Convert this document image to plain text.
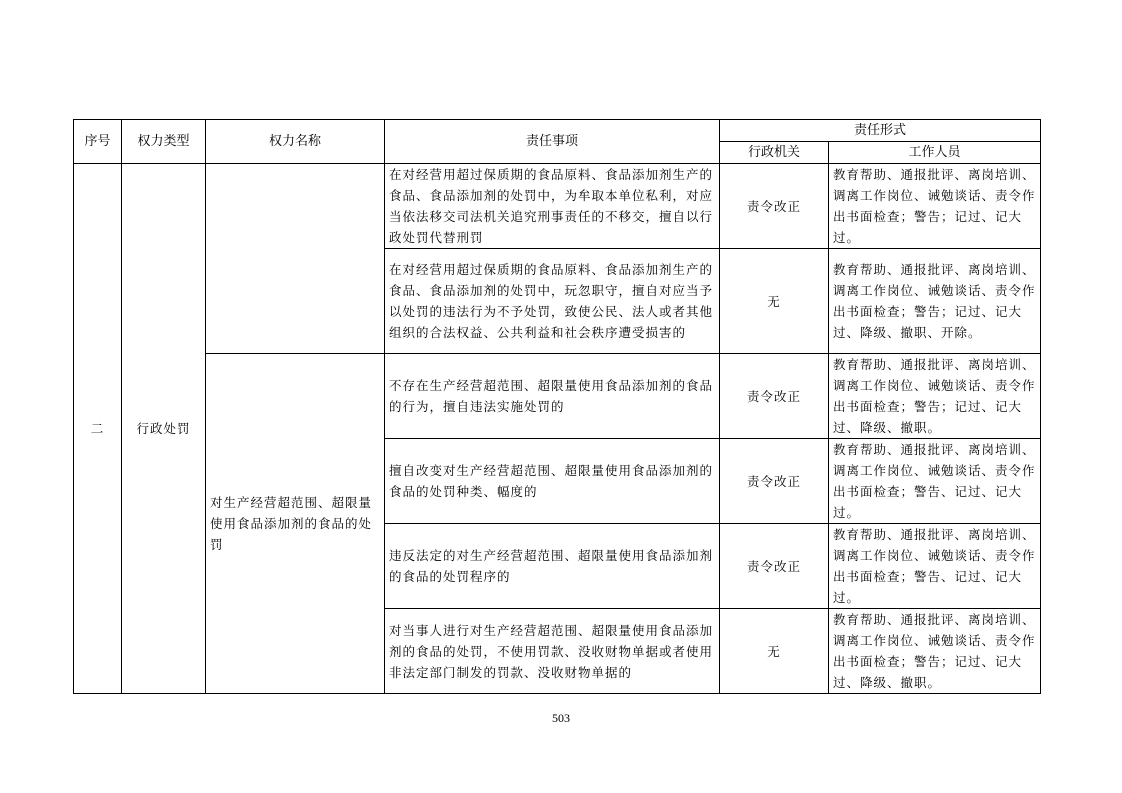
序号	权力类型	权力名称	责任事项	责任形式	
				行政机关	工作人员
二	行政处罚		在对经营用超过保质期的食品原料、食品添加剂生产的食品、食品添加剂的处罚中，为牟取本单位私利，对应当依法移交司法机关追究刑事责任的不移交，擅自以行政处罚代替刑罚	责令改正	教育帮助、通报批评、离岗培训、调离工作岗位、诫勉谈话、责令作出书面检查；警告；记过、记大过。
			在对经营用超过保质期的食品原料、食品添加剂生产的食品、食品添加剂的处罚中，玩忽职守，擅自对应当予以处罚的违法行为不予处罚，致使公民、法人或者其他组织的合法权益、公共利益和社会秩序遭受损害的	无	教育帮助、通报批评、离岗培训、调离工作岗位、诫勉谈话、责令作出书面检查；警告；记过、记大过、降级、撤职、开除。
		对生产经营超范围、超限量使用食品添加剂的食品的处罚	不存在生产经营超范围、超限量使用食品添加剂的食品的行为，擅自违法实施处罚的	责令改正	教育帮助、通报批评、离岗培训、调离工作岗位、诫勉谈话、责令作出书面检查；警告；记过、记大过、降级、撤职。
			擅自改变对生产经营超范围、超限量使用食品添加剂的食品的处罚种类、幅度的	责令改正	教育帮助、通报批评、离岗培训、调离工作岗位、诫勉谈话、责令作出书面检查；警告、记过、记大过。
			违反法定的对生产经营超范围、超限量使用食品添加剂的食品的处罚程序的	责令改正	教育帮助、通报批评、离岗培训、调离工作岗位、诫勉谈话、责令作出书面检查；警告、记过、记大过。
			对当事人进行对生产经营超范围、超限量使用食品添加剂的食品的处罚，不使用罚款、没收财物单据或者使用非法定部门制发的罚款、没收财物单据的	无	教育帮助、通报批评、离岗培训、调离工作岗位、诫勉谈话、责令作出书面检查；警告；记过、记大过、降级、撤职。
503
